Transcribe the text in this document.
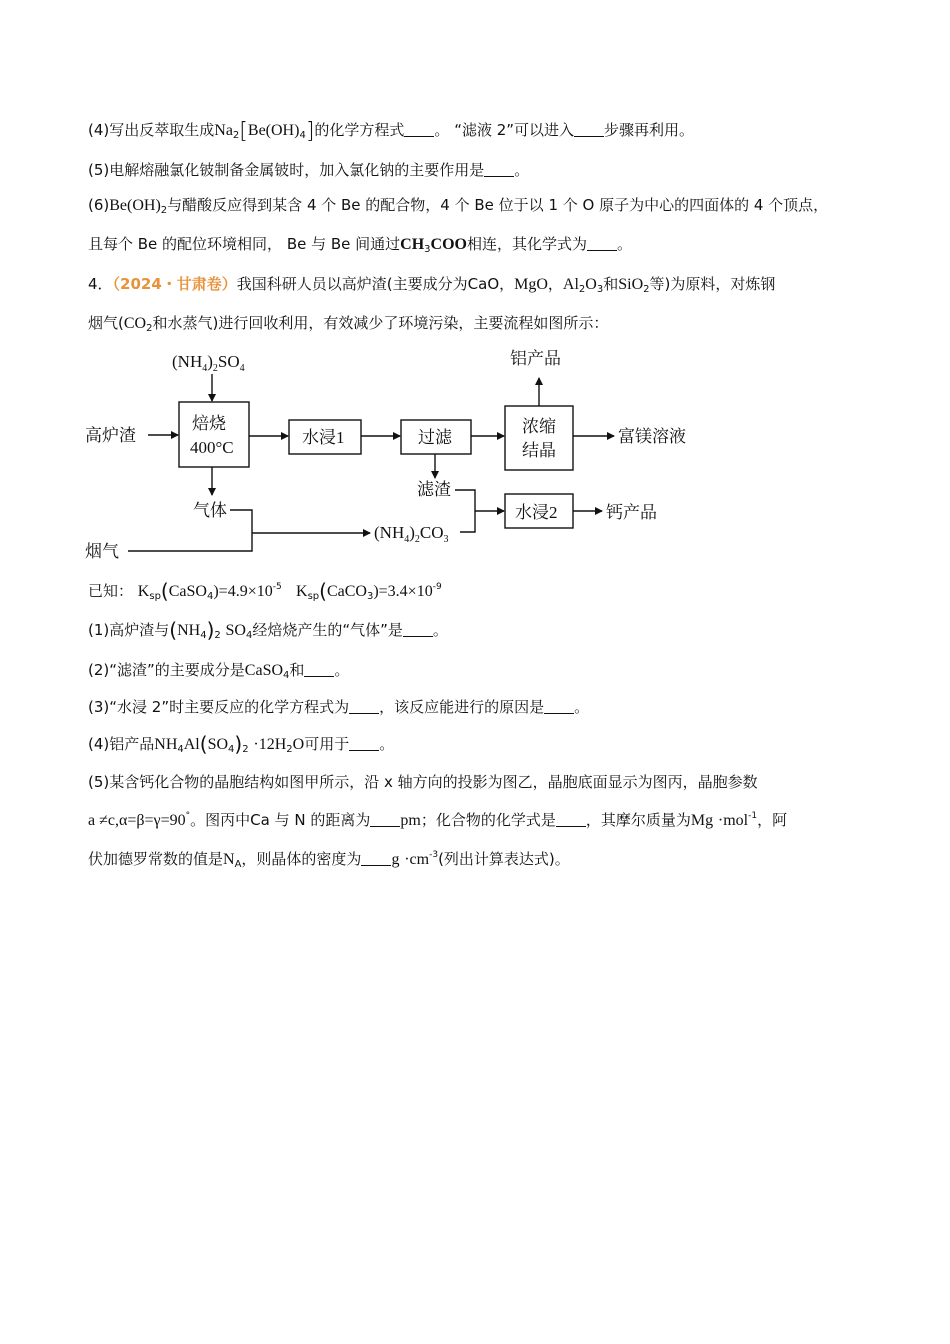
(4)写出反萃取生成$Na_2[Be(OH)_4]$的化学方程式 。 “滤液 2”可以进入 步骤再利用。
(5)电解熔融氯化铍制备金属铍时，加入氯化钠的主要作用是 。
$(6)Be(OH)_2$与醋酸反应得到某含 4 个 Be 的配合物，4 个 Be 位于以 1 个 O 原子为中心的四面体的 4 个顶点，
且每个 Be 的配位环境相同， Be 与 Be 间通过$CH_3COO$相连，其化学式为 。
4．（2024・甘肃卷）我国科研人员以高炉渣(主要成分为CaO，MgO，$Al_2O_3$和SiO$_2$等)为原料，对炼钢
烟气($CO_2$和水蒸气)进行回收利用，有效减少了环境污染，主要流程如图所示：
$(NH_4)_2SO_4$
高炉渣
焙烧
400°C
水浸1	过滤
浓缩
结晶
铝产品
富镁溶液
滤渣
气体
烟气
$(NH_4)_2CO_3$
水浸2	钙产品
已知： $K_{sp}(CaSO_4)=4.9\times 10^{-5}$ $K_{sp}(CaCO_3)=3.4\times 10^{-9}$
(1)高炉渣与$(NH_4)_2$ $SO_4$经焙烧产生的“气体”是 。
(2)“滤渣”的主要成分是CaSO$_4$和 。
(3)“水浸 2”时主要反应的化学方程式为 ，该反应能进行的原因是 。
(4)铝产品$NH_4Al(SO_4)_2 \cdot 12H_2O$可用于 。
(5)某含钙化合物的晶胞结构如图甲所示，沿 x 轴方向的投影为图乙，晶胞底面显示为图丙，晶胞参数
a ≠c,α=β=γ=90°。图丙中Ca 与 N 的距离为 pm；化合物的化学式是 ，其摩尔质量为Mg ·mol$^{-1}$，阿
伏加德罗常数的值是$N_A$，则晶体的密度为 $g \cdot cm^{-3}$(列出计算表达式)。
